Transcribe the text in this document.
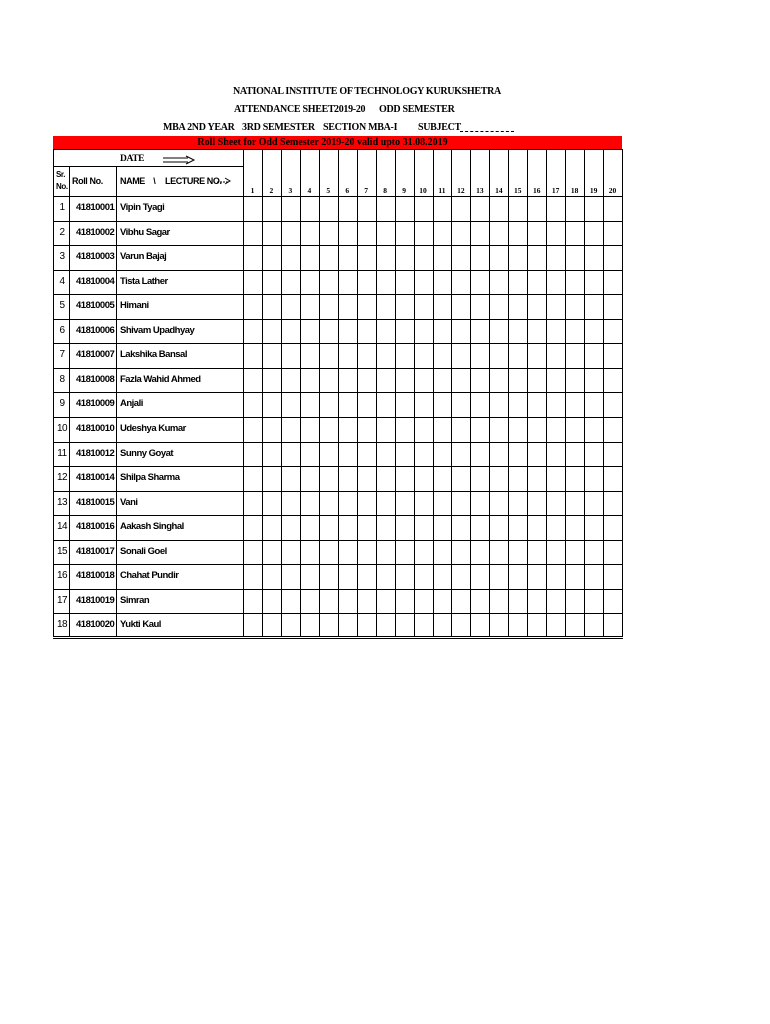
NATIONAL INSTITUTE OF TECHNOLOGY KURUKSHETRA
ATTENDANCE SHEET 2019-20 ODD SEMESTER
MBA 2ND YEAR 3RD SEMESTER SECTION MBA-I SUBJECT
Roll Sheet for Odd Semester 2019-20 valid upto 31.08.2019
DATE
Sr.
No.
Roll No. NAME    \ LECTURE NO.
1	2	3	4	5	6	7	8	9	10	11	12	13	14	15	16	17	18	19	20
1	41810001 Vipin Tyagi
2	41810002 Vibhu Sagar
3	41810003 Varun Bajaj
4	41810004 Tista Lather
5	41810005 Himani
6	41810006 Shivam Upadhyay
7	41810007 Lakshika Bansal
8	41810008 Fazla Wahid Ahmed
9	41810009 Anjali
10 41810010 Udeshya Kumar
11 41810012 Sunny Goyat
12 41810014 Shilpa Sharma
13 41810015 Vani
14 41810016 Aakash Singhal
15 41810017 Sonali Goel
16 41810018 Chahat Pundir
17 41810019 Simran
18 41810020 Yukti Kaul
